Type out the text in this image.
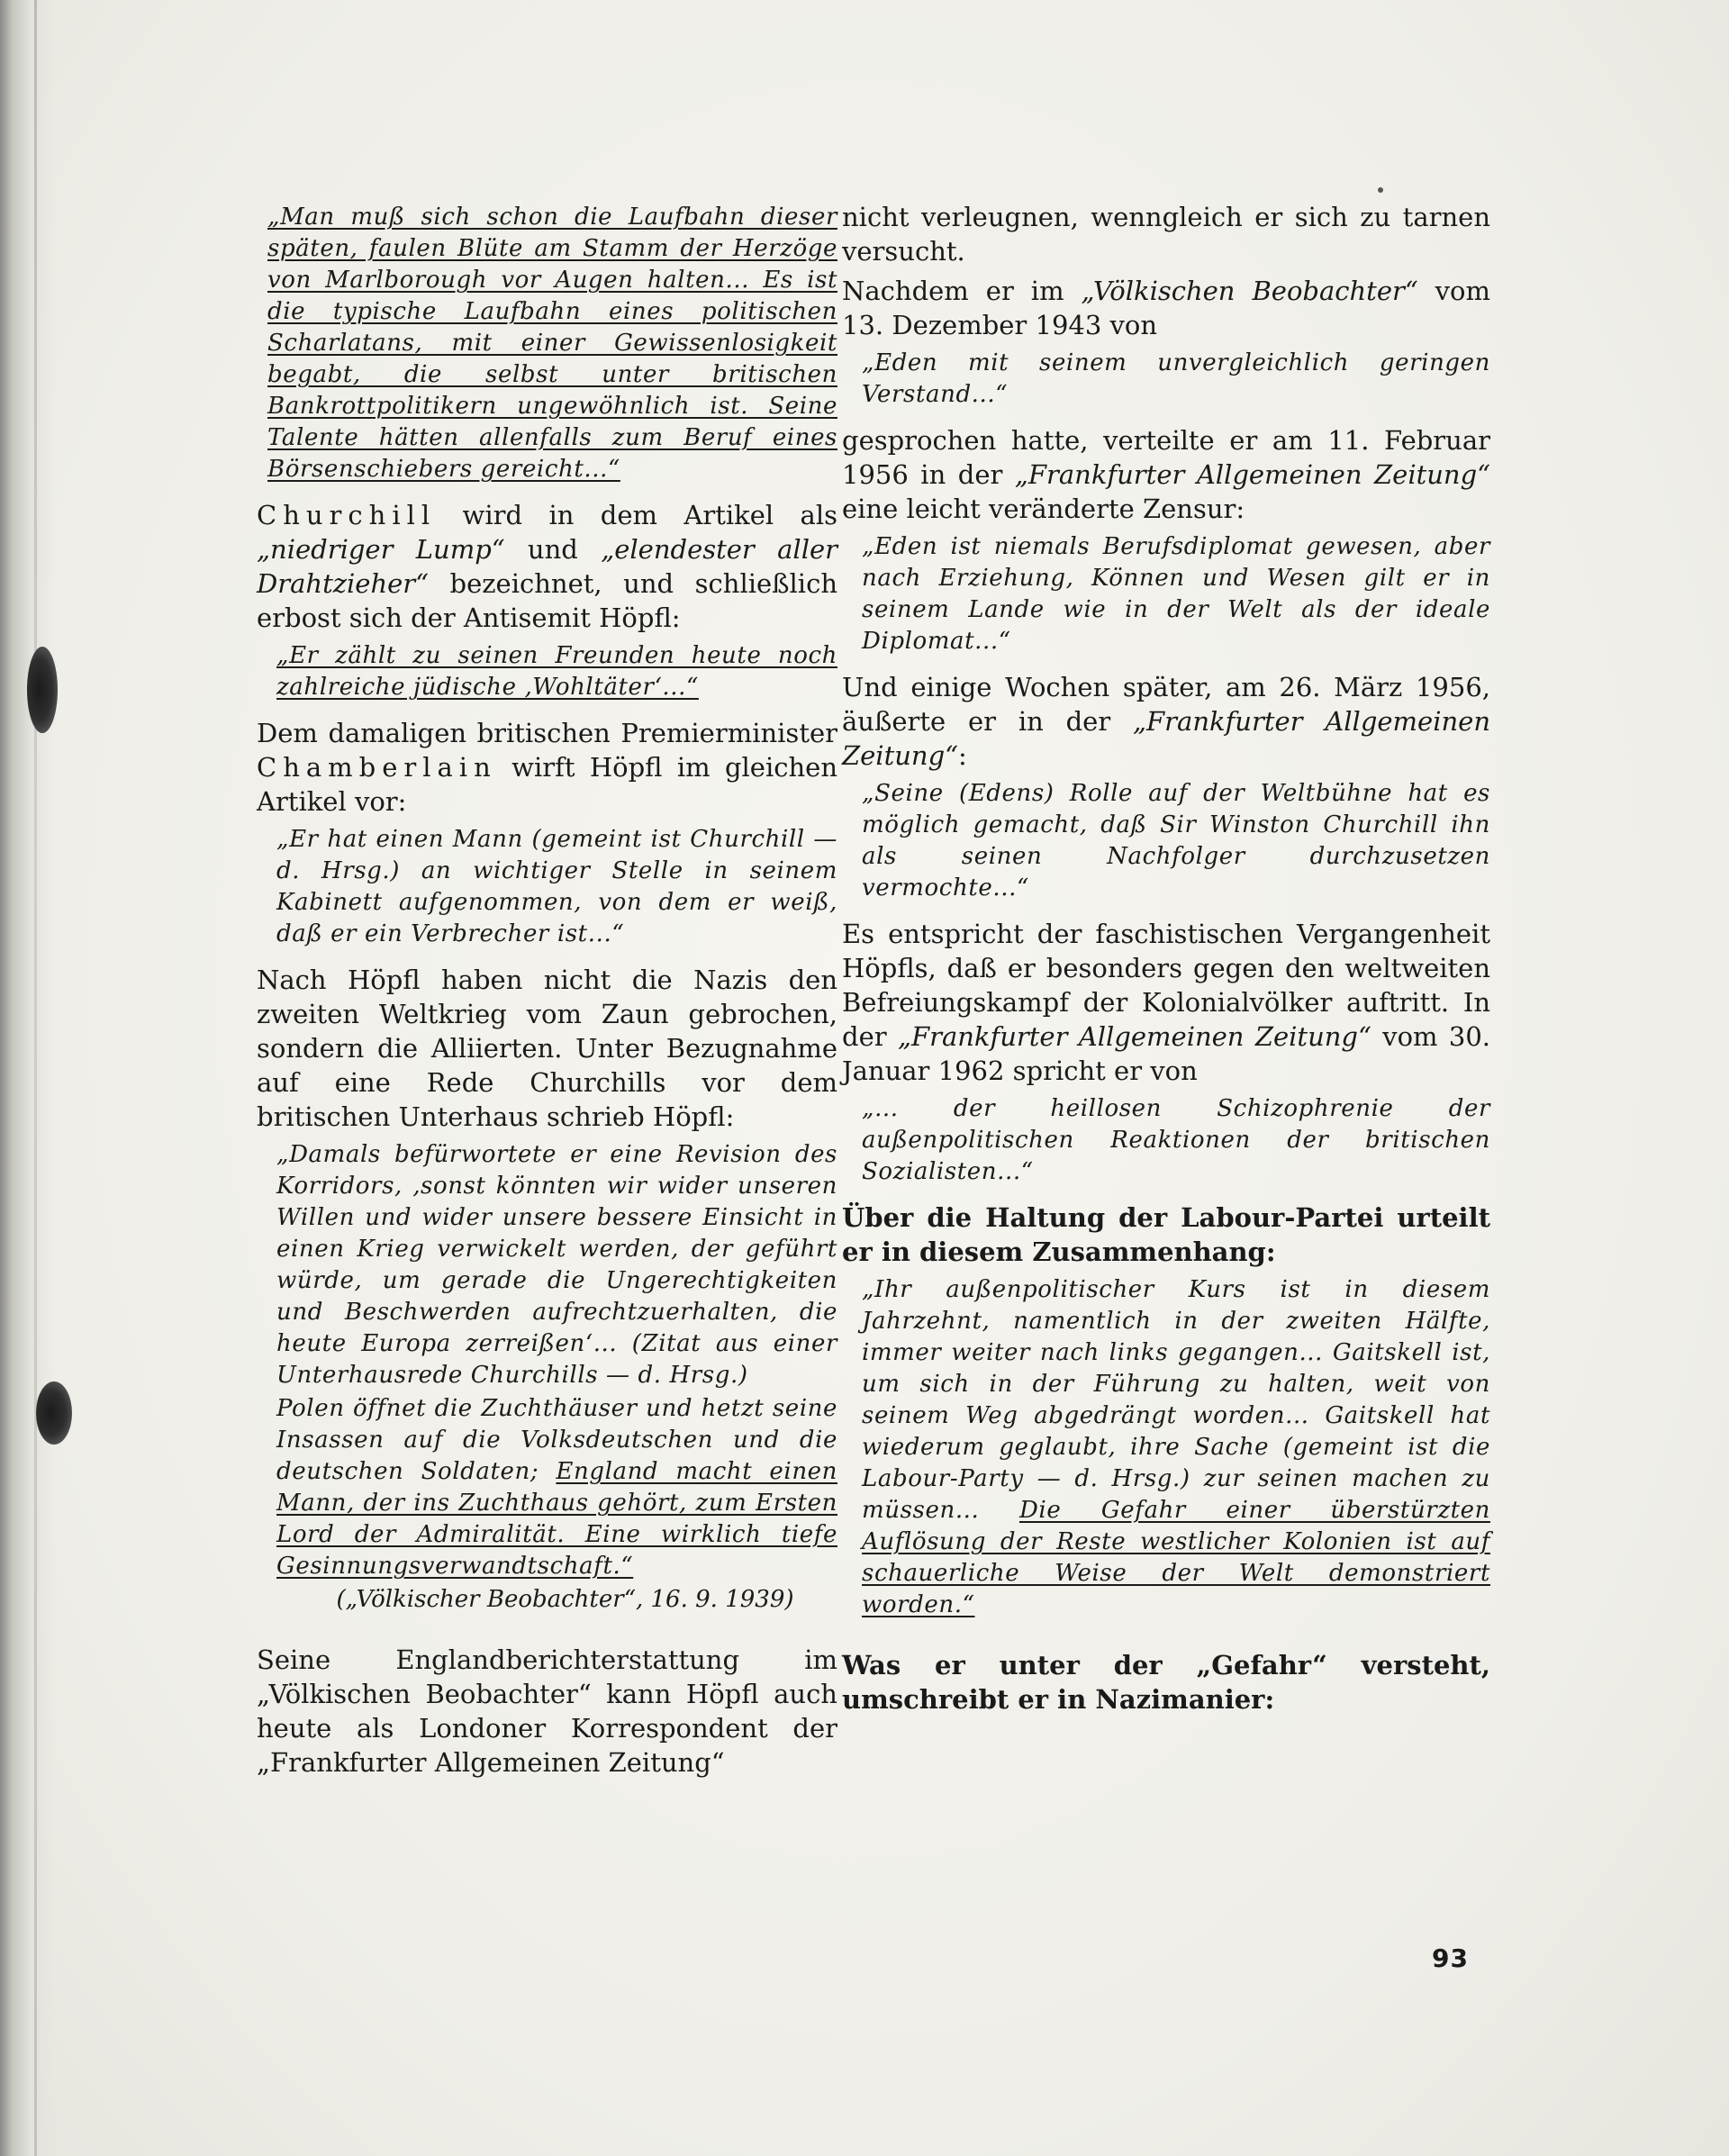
„Man muß sich schon die Laufbahn dieser späten, faulen Blüte am Stamm der Herzöge von Marlborough vor Augen halten... Es ist die typische Laufbahn eines politischen Scharlatans, mit einer Gewissenlosigkeit begabt, die selbst unter britischen Bankrottpolitikern ungewöhnlich ist. Seine Talente hätten allenfalls zum Beruf eines Börsenschiebers gereicht...“

Churchill wird in dem Artikel als „niedriger Lump“ und „elendester aller Drahtzieher“ bezeichnet, und schließlich erbost sich der Antisemit Höpfl:

„Er zählt zu seinen Freunden heute noch zahlreiche jüdische ‚Wohltäter‘...“

Dem damaligen britischen Premierminister Chamberlain wirft Höpfl im gleichen Artikel vor:

„Er hat einen Mann (gemeint ist Churchill — d. Hrsg.) an wichtiger Stelle in seinem Kabinett aufgenommen, von dem er weiß, daß er ein Verbrecher ist...“

Nach Höpfl haben nicht die Nazis den zweiten Weltkrieg vom Zaun gebrochen, sondern die Alliierten. Unter Bezugnahme auf eine Rede Churchills vor dem britischen Unterhaus schrieb Höpfl:

„Damals befürwortete er eine Revision des Korridors, ‚sonst könnten wir wider unseren Willen und wider unsere bessere Einsicht in einen Krieg verwickelt werden, der geführt würde, um gerade die Ungerechtigkeiten und Beschwerden aufrechtzuerhalten, die heute Europa zerreißen‘... (Zitat aus einer Unterhausrede Churchills — d. Hrsg.)

Polen öffnet die Zuchthäuser und hetzt seine Insassen auf die Volksdeutschen und die deutschen Soldaten; England macht einen Mann, der ins Zuchthaus gehört, zum Ersten Lord der Admiralität. Eine wirklich tiefe Gesinnungsverwandtschaft.“

(„Völkischer Beobachter“, 16. 9. 1939)

Seine Englandberichterstattung im „Völkischen Beobachter“ kann Höpfl auch heute als Londoner Korrespondent der „Frankfurter Allgemeinen Zeitung“

nicht verleugnen, wenngleich er sich zu tarnen versucht.

Nachdem er im „Völkischen Beobachter“ vom 13. Dezember 1943 von

„Eden mit seinem unvergleichlich geringen Verstand...“

gesprochen hatte, verteilte er am 11. Februar 1956 in der „Frankfurter Allgemeinen Zeitung“ eine leicht veränderte Zensur:

„Eden ist niemals Berufsdiplomat gewesen, aber nach Erziehung, Können und Wesen gilt er in seinem Lande wie in der Welt als der ideale Diplomat...“

Und einige Wochen später, am 26. März 1956, äußerte er in der „Frankfurter Allgemeinen Zeitung“:

„Seine (Edens) Rolle auf der Weltbühne hat es möglich gemacht, daß Sir Winston Churchill ihn als seinen Nachfolger durchzusetzen vermochte...“

Es entspricht der faschistischen Vergangenheit Höpfls, daß er besonders gegen den weltweiten Befreiungskampf der Kolonialvölker auftritt. In der „Frankfurter Allgemeinen Zeitung“ vom 30. Januar 1962 spricht er von

„... der heillosen Schizophrenie der außenpolitischen Reaktionen der britischen Sozialisten...“

Über die Haltung der Labour-Partei urteilt er in diesem Zusammenhang:

„Ihr außenpolitischer Kurs ist in diesem Jahrzehnt, namentlich in der zweiten Hälfte, immer weiter nach links gegangen... Gaitskell ist, um sich in der Führung zu halten, weit von seinem Weg abgedrängt worden... Gaitskell hat wiederum geglaubt, ihre Sache (gemeint ist die Labour-Party — d. Hrsg.) zur seinen machen zu müssen... Die Gefahr einer überstürzten Auflösung der Reste westlicher Kolonien ist auf schauerliche Weise der Welt demonstriert worden.“

Was er unter der „Gefahr“ versteht, umschreibt er in Nazimanier:

93
